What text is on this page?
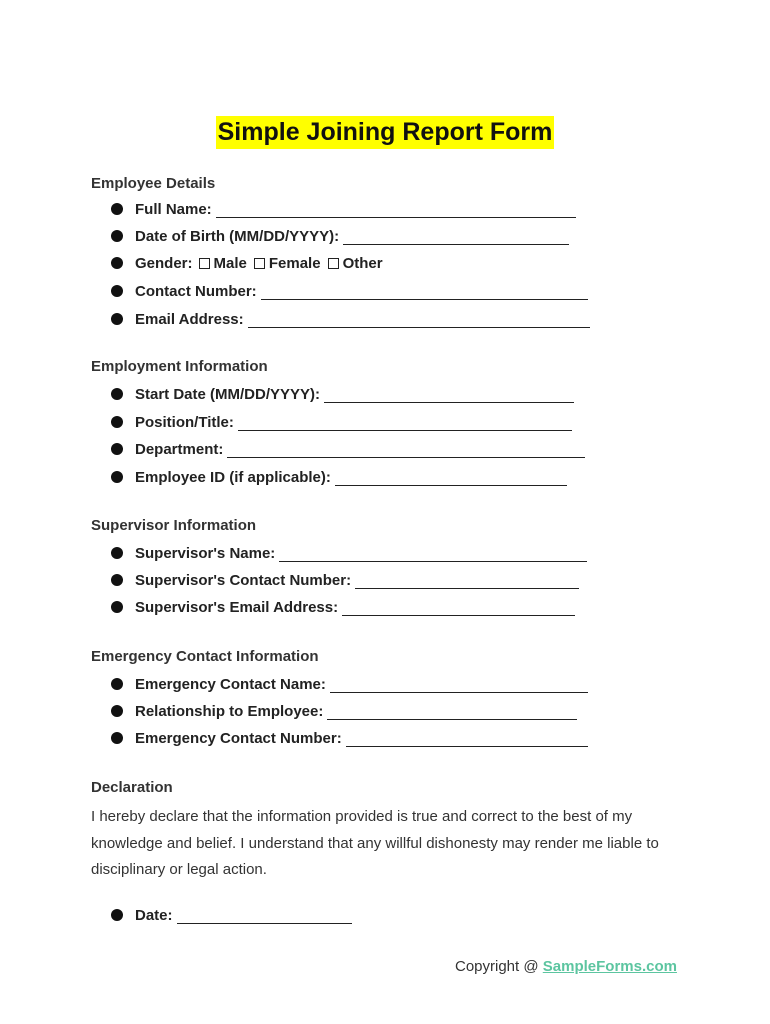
Simple Joining Report Form
Employee Details
Full Name:
Date of Birth (MM/DD/YYYY):
Gender: Male Female Other
Contact Number:
Email Address:
Employment Information
Start Date (MM/DD/YYYY):
Position/Title:
Department:
Employee ID (if applicable):
Supervisor Information
Supervisor's Name:
Supervisor's Contact Number:
Supervisor's Email Address:
Emergency Contact Information
Emergency Contact Name:
Relationship to Employee:
Emergency Contact Number:
Declaration
I hereby declare that the information provided is true and correct to the best of my knowledge and belief. I understand that any willful dishonesty may render me liable to disciplinary or legal action.
Date:
Copyright @ SampleForms.com
